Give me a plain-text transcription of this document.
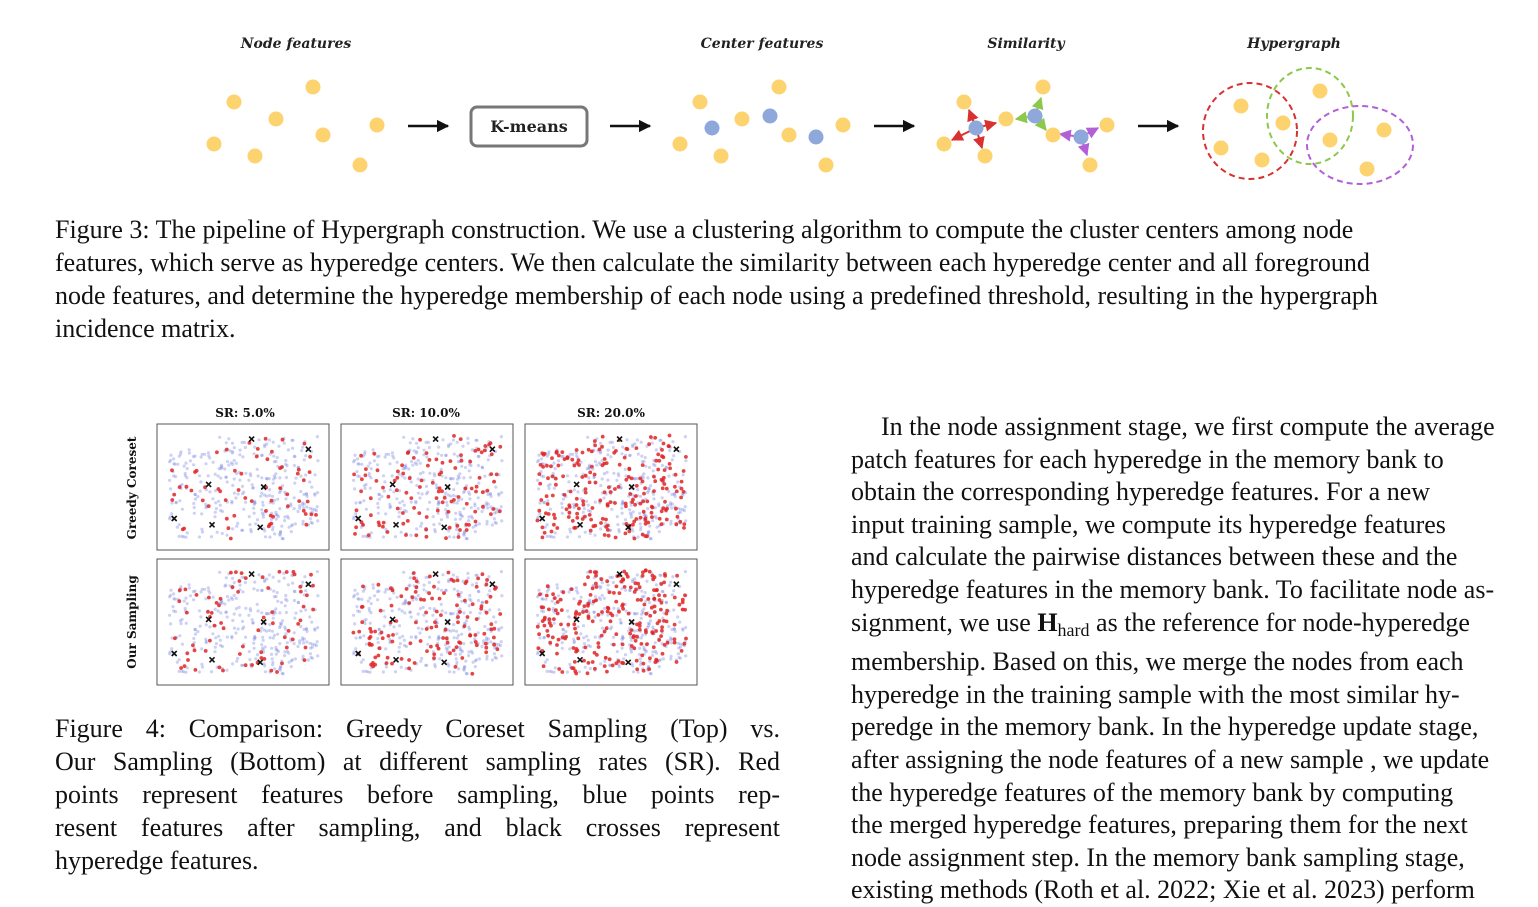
Node features	Center features	Similarity	Hypergraph
K-means
Figure 3: The pipeline of Hypergraph construction. We use a clustering algorithm to compute the cluster centers among node
features, which serve as hyperedge centers. We then calculate the similarity between each hyperedge center and all foreground
node features, and determine the hyperedge membership of each node using a predefined threshold, resulting in the hypergraph
incidence matrix.
SR: 5.0%	SR: 10.0%	SR: 20.0%
Greedy Coreset
Our Sampling
Figure 4: Comparison: Greedy Coreset Sampling (Top) vs.
Our Sampling (Bottom) at different sampling rates (SR). Red
points represent features before sampling, blue points rep-
resent features after sampling, and black crosses represent
hyperedge features.
In the node assignment stage, we first compute the average
patch features for each hyperedge in the memory bank to
obtain the corresponding hyperedge features. For a new
input training sample, we compute its hyperedge features
and calculate the pairwise distances between these and the
hyperedge features in the memory bank. To facilitate node as-
signment, we use Hhard as the reference for node-hyperedge
membership. Based on this, we merge the nodes from each
hyperedge in the training sample with the most similar hy-
peredge in the memory bank. In the hyperedge update stage,
after assigning the node features of a new sample , we update
the hyperedge features of the memory bank by computing
the merged hyperedge features, preparing them for the next
node assignment step. In the memory bank sampling stage,
existing methods (Roth et al. 2022; Xie et al. 2023) perform
